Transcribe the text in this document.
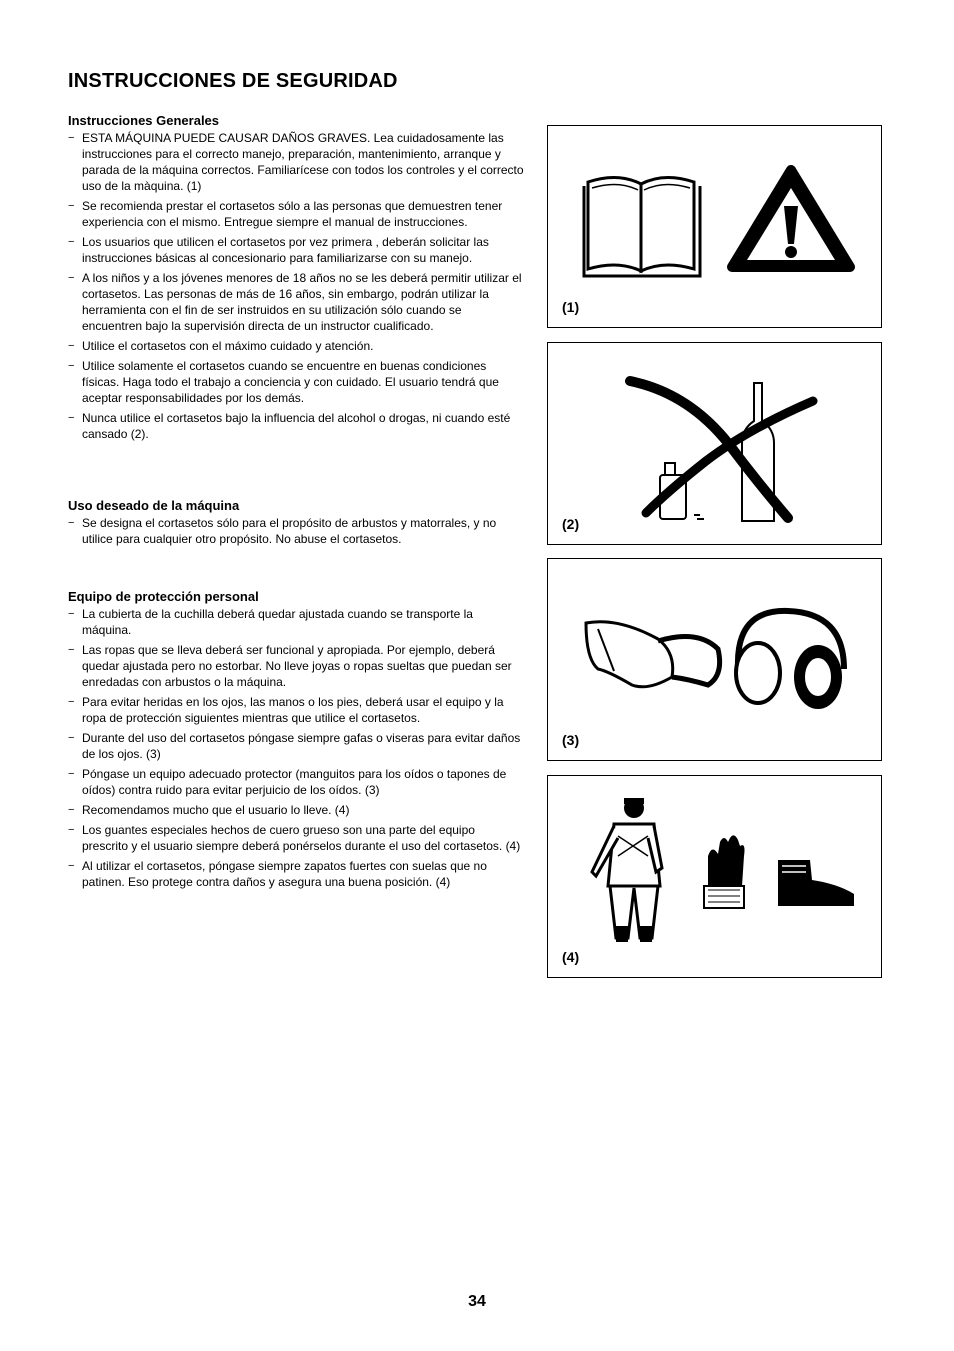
INSTRUCCIONES DE SEGURIDAD
Instrucciones Generales
− ESTA MÁQUINA PUEDE CAUSAR DAÑOS GRAVES. Lea cuidadosamente las instrucciones para el correcto manejo, preparación, mantenimiento, arranque y parada de la máquina correctos. Familiarícese con todos los controles y el correcto uso de la màquina. (1)
− Se recomienda prestar el cortasetos sólo a las personas que demuestren tener experiencia con el mismo. Entregue siempre el manual de instrucciones.
− Los usuarios que utilicen el cortasetos por vez primera , deberán solicitar las instrucciones básicas al concesionario para familiarizarse con su manejo.
− A los niños y a los jóvenes menores de 18 años no se les deberá permitir utilizar el cortasetos. Las personas de más de 16 años, sin embargo, podrán utilizar la herramienta con el fin de ser instruidos en su utilización sólo cuando se encuentren bajo la supervisión directa de un instructor cualificado.
− Utilice el cortasetos con el máximo cuidado y atención.
− Utilice solamente el cortasetos cuando se encuentre en buenas condiciones físicas. Haga todo el trabajo a conciencia y con cuidado. El usuario tendrá que aceptar responsabilidades por los demás.
− Nunca utilice el cortasetos bajo la influencia del alcohol o drogas, ni cuando esté cansado (2).
Uso deseado de la máquina
− Se designa el cortasetos sólo para el propósito de arbustos y matorrales, y no utilice para cualquier otro propósito. No abuse el cortasetos.
Equipo de protección personal
− La cubierta de la cuchilla deberá quedar ajustada cuando se transporte la máquina.
− Las ropas que se lleva deberá ser funcional y apropiada. Por ejemplo, deberá quedar ajustada pero no estorbar. No lleve joyas o ropas sueltas que puedan ser enredadas con arbustos o la máquina.
− Para evitar heridas en los ojos, las manos o los pies, deberá usar el equipo y la ropa de protección siguientes mientras que utilice el cortasetos.
− Durante del uso del cortasetos póngase siempre gafas o viseras para evitar daños de los ojos. (3)
− Póngase un equipo adecuado protector (manguitos para los oídos o tapones de oídos) contra ruido para evitar perjuicio de los oídos. (3)
− Recomendamos mucho que el usuario lo lleve. (4)
− Los guantes especiales hechos de cuero grueso son una parte del equipo prescrito y el usuario siempre deberá ponérselos durante el uso del cortasetos. (4)
− Al utilizar el cortasetos, póngase siempre zapatos fuertes con suelas que no patinen. Eso protege contra daños y asegura una buena posición. (4)
(1)
(2)
(3)
(4)
34
